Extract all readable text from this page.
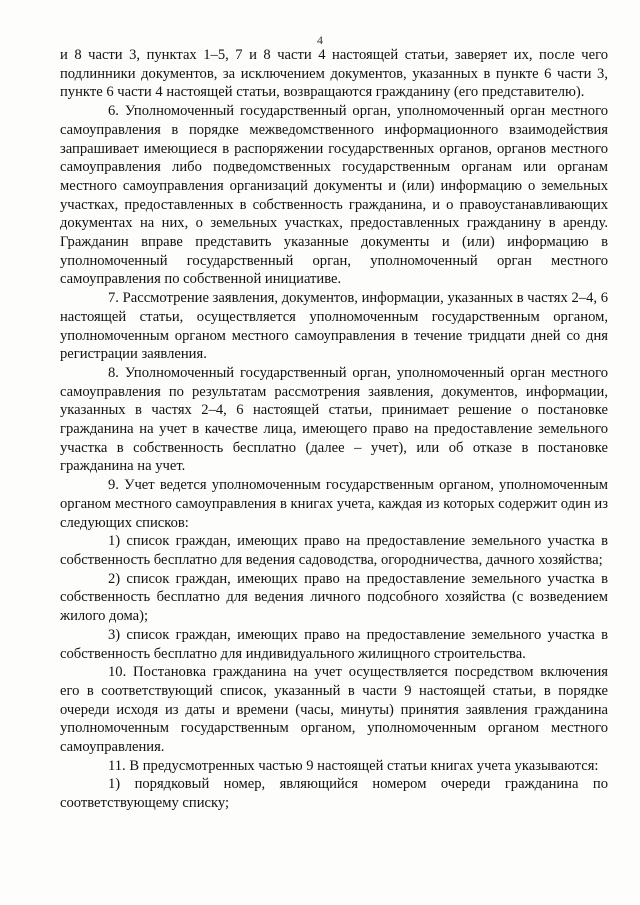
4

и 8 части 3, пунктах 1–5, 7 и 8 части 4 настоящей статьи, заверяет их, после чего подлинники документов, за исключением документов, указанных в пункте 6 части 3, пункте 6 части 4 настоящей статьи, возвращаются гражданину (его представителю).

6. Уполномоченный государственный орган, уполномоченный орган местного самоуправления в порядке межведомственного информационного взаимодействия запрашивает имеющиеся в распоряжении государственных органов, органов местного самоуправления либо подведомственных государственным органам или органам местного самоуправления организаций документы и (или) информацию о земельных участках, предоставленных в собственность гражданина, и о правоустанавливающих документах на них, о земельных участках, предоставленных гражданину в аренду. Гражданин вправе представить указанные документы и (или) информацию в уполномоченный государственный орган, уполномоченный орган местного самоуправления по собственной инициативе.

7. Рассмотрение заявления, документов, информации, указанных в частях 2–4, 6 настоящей статьи, осуществляется уполномоченным государственным органом, уполномоченным органом местного самоуправления в течение тридцати дней со дня регистрации заявления.

8. Уполномоченный государственный орган, уполномоченный орган местного самоуправления по результатам рассмотрения заявления, документов, информации, указанных в частях 2–4, 6 настоящей статьи, принимает решение о постановке гражданина на учет в качестве лица, имеющего право на предоставление земельного участка в собственность бесплатно (далее – учет), или об отказе в постановке гражданина на учет.

9. Учет ведется уполномоченным государственным органом, уполномоченным органом местного самоуправления в книгах учета, каждая из которых содержит один из следующих списков:

1) список граждан, имеющих право на предоставление земельного участка в собственность бесплатно для ведения садоводства, огородничества, дачного хозяйства;

2) список граждан, имеющих право на предоставление земельного участка в собственность бесплатно для ведения личного подсобного хозяйства (с возведением жилого дома);

3) список граждан, имеющих право на предоставление земельного участка в собственность бесплатно для индивидуального жилищного строительства.

10. Постановка гражданина на учет осуществляется посредством включения его в соответствующий список, указанный в части 9 настоящей статьи, в порядке очереди исходя из даты и времени (часы, минуты) принятия заявления гражданина уполномоченным государственным органом, уполномоченным органом местного самоуправления.

11. В предусмотренных частью 9 настоящей статьи книгах учета указываются:

1) порядковый номер, являющийся номером очереди гражданина по соответствующему списку;
